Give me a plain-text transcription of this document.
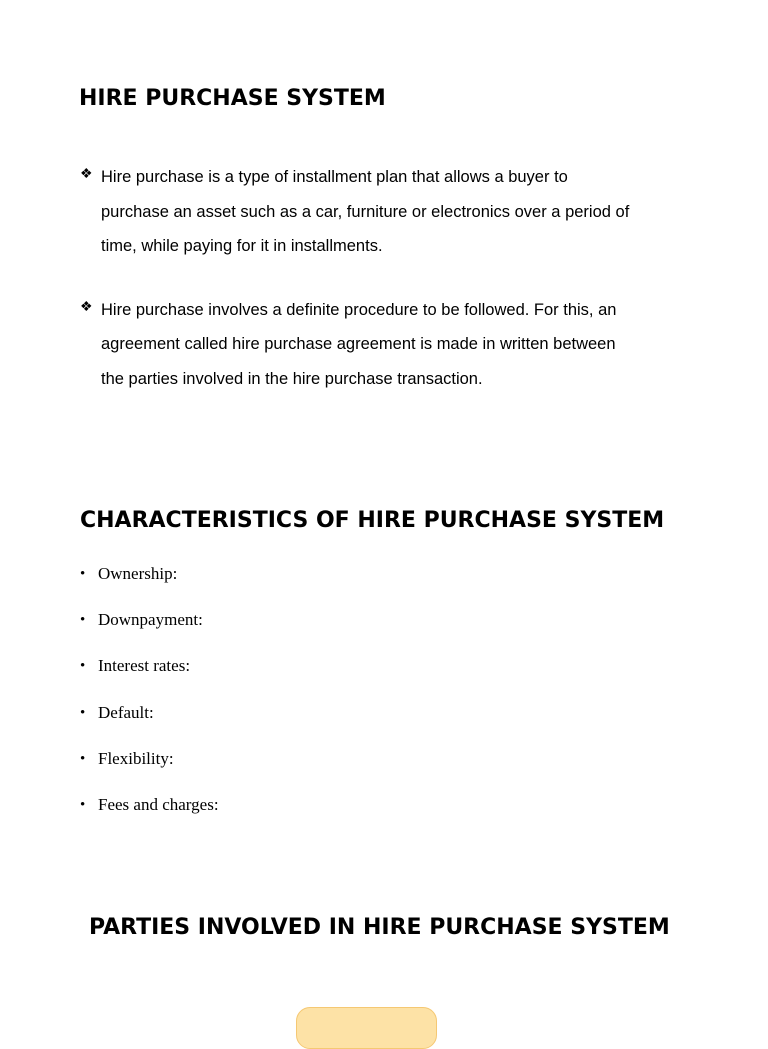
HIRE PURCHASE SYSTEM
❖ Hire purchase is a type of installment plan that allows a buyer to purchase an asset such as a car, furniture or electronics over a period of time, while paying for it in installments.
❖ Hire purchase involves a definite procedure to be followed. For this, an agreement called hire purchase agreement is made in written between the parties involved in the hire purchase transaction.
CHARACTERISTICS OF HIRE PURCHASE SYSTEM
• Ownership:
• Downpayment:
• Interest rates:
• Default:
• Flexibility:
• Fees and charges:
PARTIES INVOLVED IN HIRE PURCHASE SYSTEM
